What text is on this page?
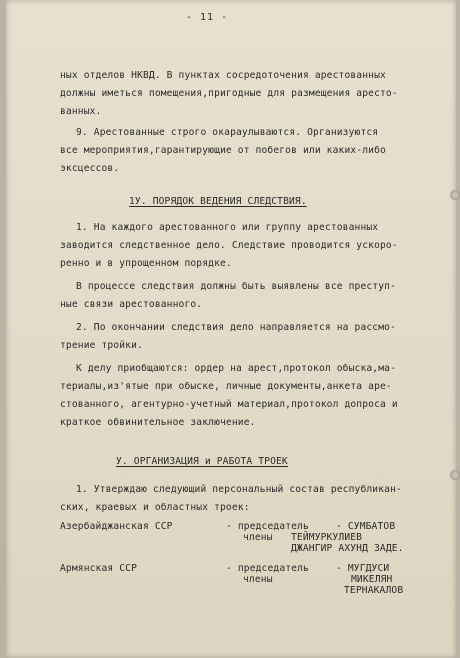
- 11 -
ных отделов НКВД. В пунктах сосредоточения арестованных
должны иметься помещения,пригодные для размещения аресто-
ванных.
9. Арестованные строго окараулываются. Организуются
все мероприятия,гарантирующие от побегов или каких-либо
эксцессов.
1У. ПОРЯДОК ВЕДЕНИЯ СЛЕДСТВИЯ.
1. На каждого арестованного или группу арестованных
заводится следственное дело. Следствие проводится ускоро-
ренно и в упрощенном порядке.
В процессе следствия должны быть выявлены все преступ-
ные связи арестованного.
2. По окончании следствия дело направляется на рассмо-
трение тройки.
К делу приобщаются: ордер на арест,протокол обыска,ма-
териалы,из'ятые при обыске, личные документы,анкета аре-
стованного, агентурно-учетный материал,протокол допроса и
краткое обвинительное заключение.
У. ОРГАНИЗАЦИЯ и РАБОТА ТРОЕК
1. Утверждаю следующий персональный состав республикан-
ских, краевых и областных троек:
Азербайджанская ССР	- председатель	- СУМБАТОВ
члены ТЕЙМУРКУЛИЕВ
ДЖАНГИР АХУНД ЗАДЕ.
Армянская ССР	- председатель	- МУГДУСИ
члены	МИКЕЛЯН
ТЕРНАКАЛОВ
